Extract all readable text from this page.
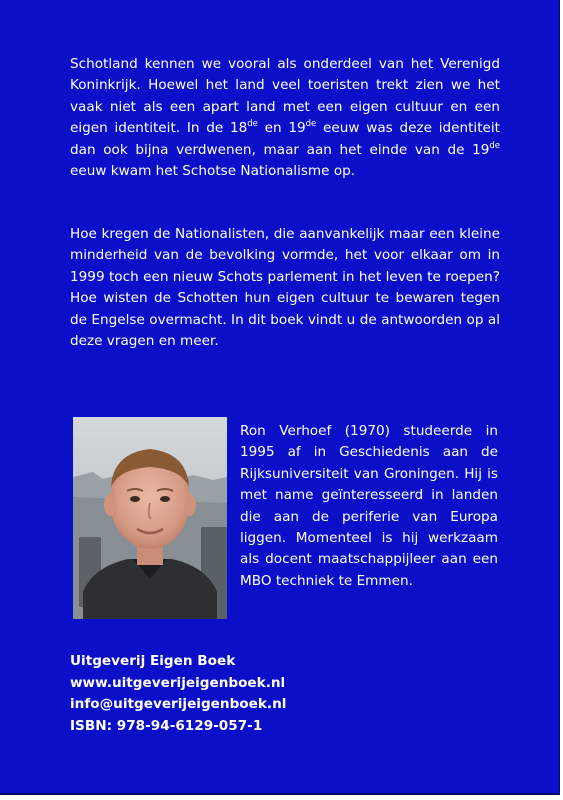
Schotland kennen we vooral als onderdeel van het Verenigd Koninkrijk. Hoewel het land veel toeristen trekt zien we het vaak niet als een apart land met een eigen cultuur en een eigen identiteit. In de 18de en 19de eeuw was deze identiteit dan ook bijna verdwenen, maar aan het einde van de 19de eeuw kwam het Schotse Nationalisme op.

Hoe kregen de Nationalisten, die aanvankelijk maar een kleine minderheid van de bevolking vormde, het voor elkaar om in 1999 toch een nieuw Schots parlement in het leven te roepen? Hoe wisten de Schotten hun eigen cultuur te bewaren tegen de Engelse overmacht. In dit boek vindt u de antwoorden op al deze vragen en meer.

Ron Verhoef (1970) studeerde in 1995 af in Geschiedenis aan de Rijksuniversiteit van Groningen. Hij is met name geïnteresseerd in landen die aan de periferie van Europa liggen. Momenteel is hij werkzaam als docent maatschappijleer aan een MBO techniek te Emmen.

Uitgeverij Eigen Boek
www.uitgeverijeigenboek.nl
info@uitgeverijeigenboek.nl
ISBN: 978-94-6129-057-1
